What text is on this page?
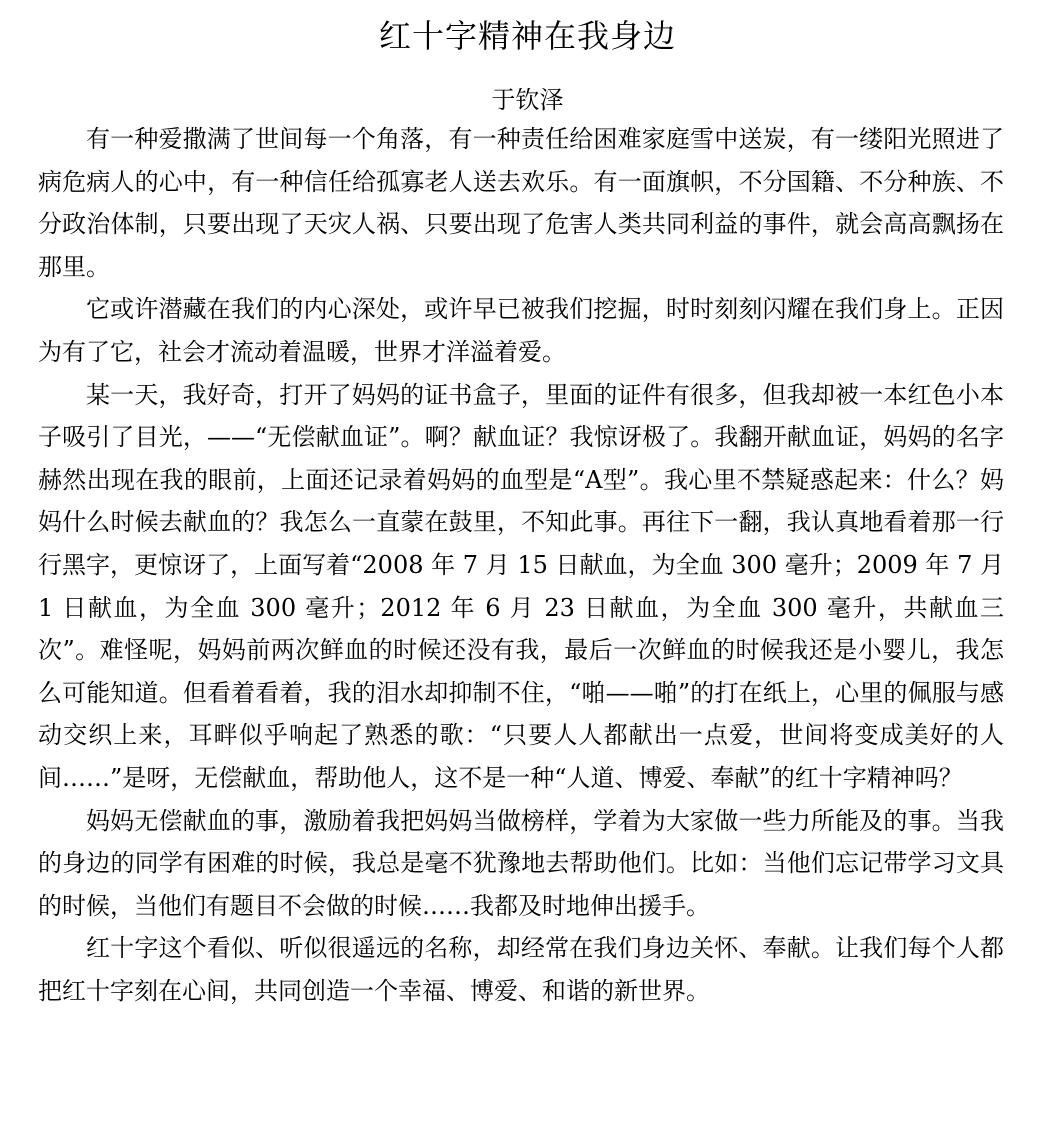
红十字精神在我身边
于钦泽

有一种爱撒满了世间每一个角落，有一种责任给困难家庭雪中送炭，有一缕阳光照进了病危病人的心中，有一种信任给孤寡老人送去欢乐。有一面旗帜，不分国籍、不分种族、不分政治体制，只要出现了天灾人祸、只要出现了危害人类共同利益的事件，就会高高飘扬在那里。

它或许潜藏在我们的内心深处，或许早已被我们挖掘，时时刻刻闪耀在我们身上。正因为有了它，社会才流动着温暖，世界才洋溢着爱。

某一天，我好奇，打开了妈妈的证书盒子，里面的证件有很多，但我却被一本红色小本子吸引了目光，——“无偿献血证”。啊？献血证？我惊讶极了。我翻开献血证，妈妈的名字赫然出现在我的眼前，上面还记录着妈妈的血型是“A型”。我心里不禁疑惑起来：什么？妈妈什么时候去献血的？我怎么一直蒙在鼓里，不知此事。再往下一翻，我认真地看着那一行行黑字，更惊讶了，上面写着“2008 年 7 月 15 日献血，为全血 300 毫升；2009 年 7 月 1 日献血，为全血 300 毫升；2012 年 6 月 23 日献血，为全血 300 毫升，共献血三次”。难怪呢，妈妈前两次鲜血的时候还没有我，最后一次鲜血的时候我还是小婴儿，我怎么可能知道。但看着看着，我的泪水却抑制不住，“啪——啪”的打在纸上，心里的佩服与感动交织上来，耳畔似乎响起了熟悉的歌：“只要人人都献出一点爱，世间将变成美好的人间……”是呀，无偿献血，帮助他人，这不是一种“人道、博爱、奉献”的红十字精神吗？

妈妈无偿献血的事，激励着我把妈妈当做榜样，学着为大家做一些力所能及的事。当我的身边的同学有困难的时候，我总是毫不犹豫地去帮助他们。比如：当他们忘记带学习文具的时候，当他们有题目不会做的时候……我都及时地伸出援手。

红十字这个看似、听似很遥远的名称，却经常在我们身边关怀、奉献。让我们每个人都把红十字刻在心间，共同创造一个幸福、博爱、和谐的新世界。
